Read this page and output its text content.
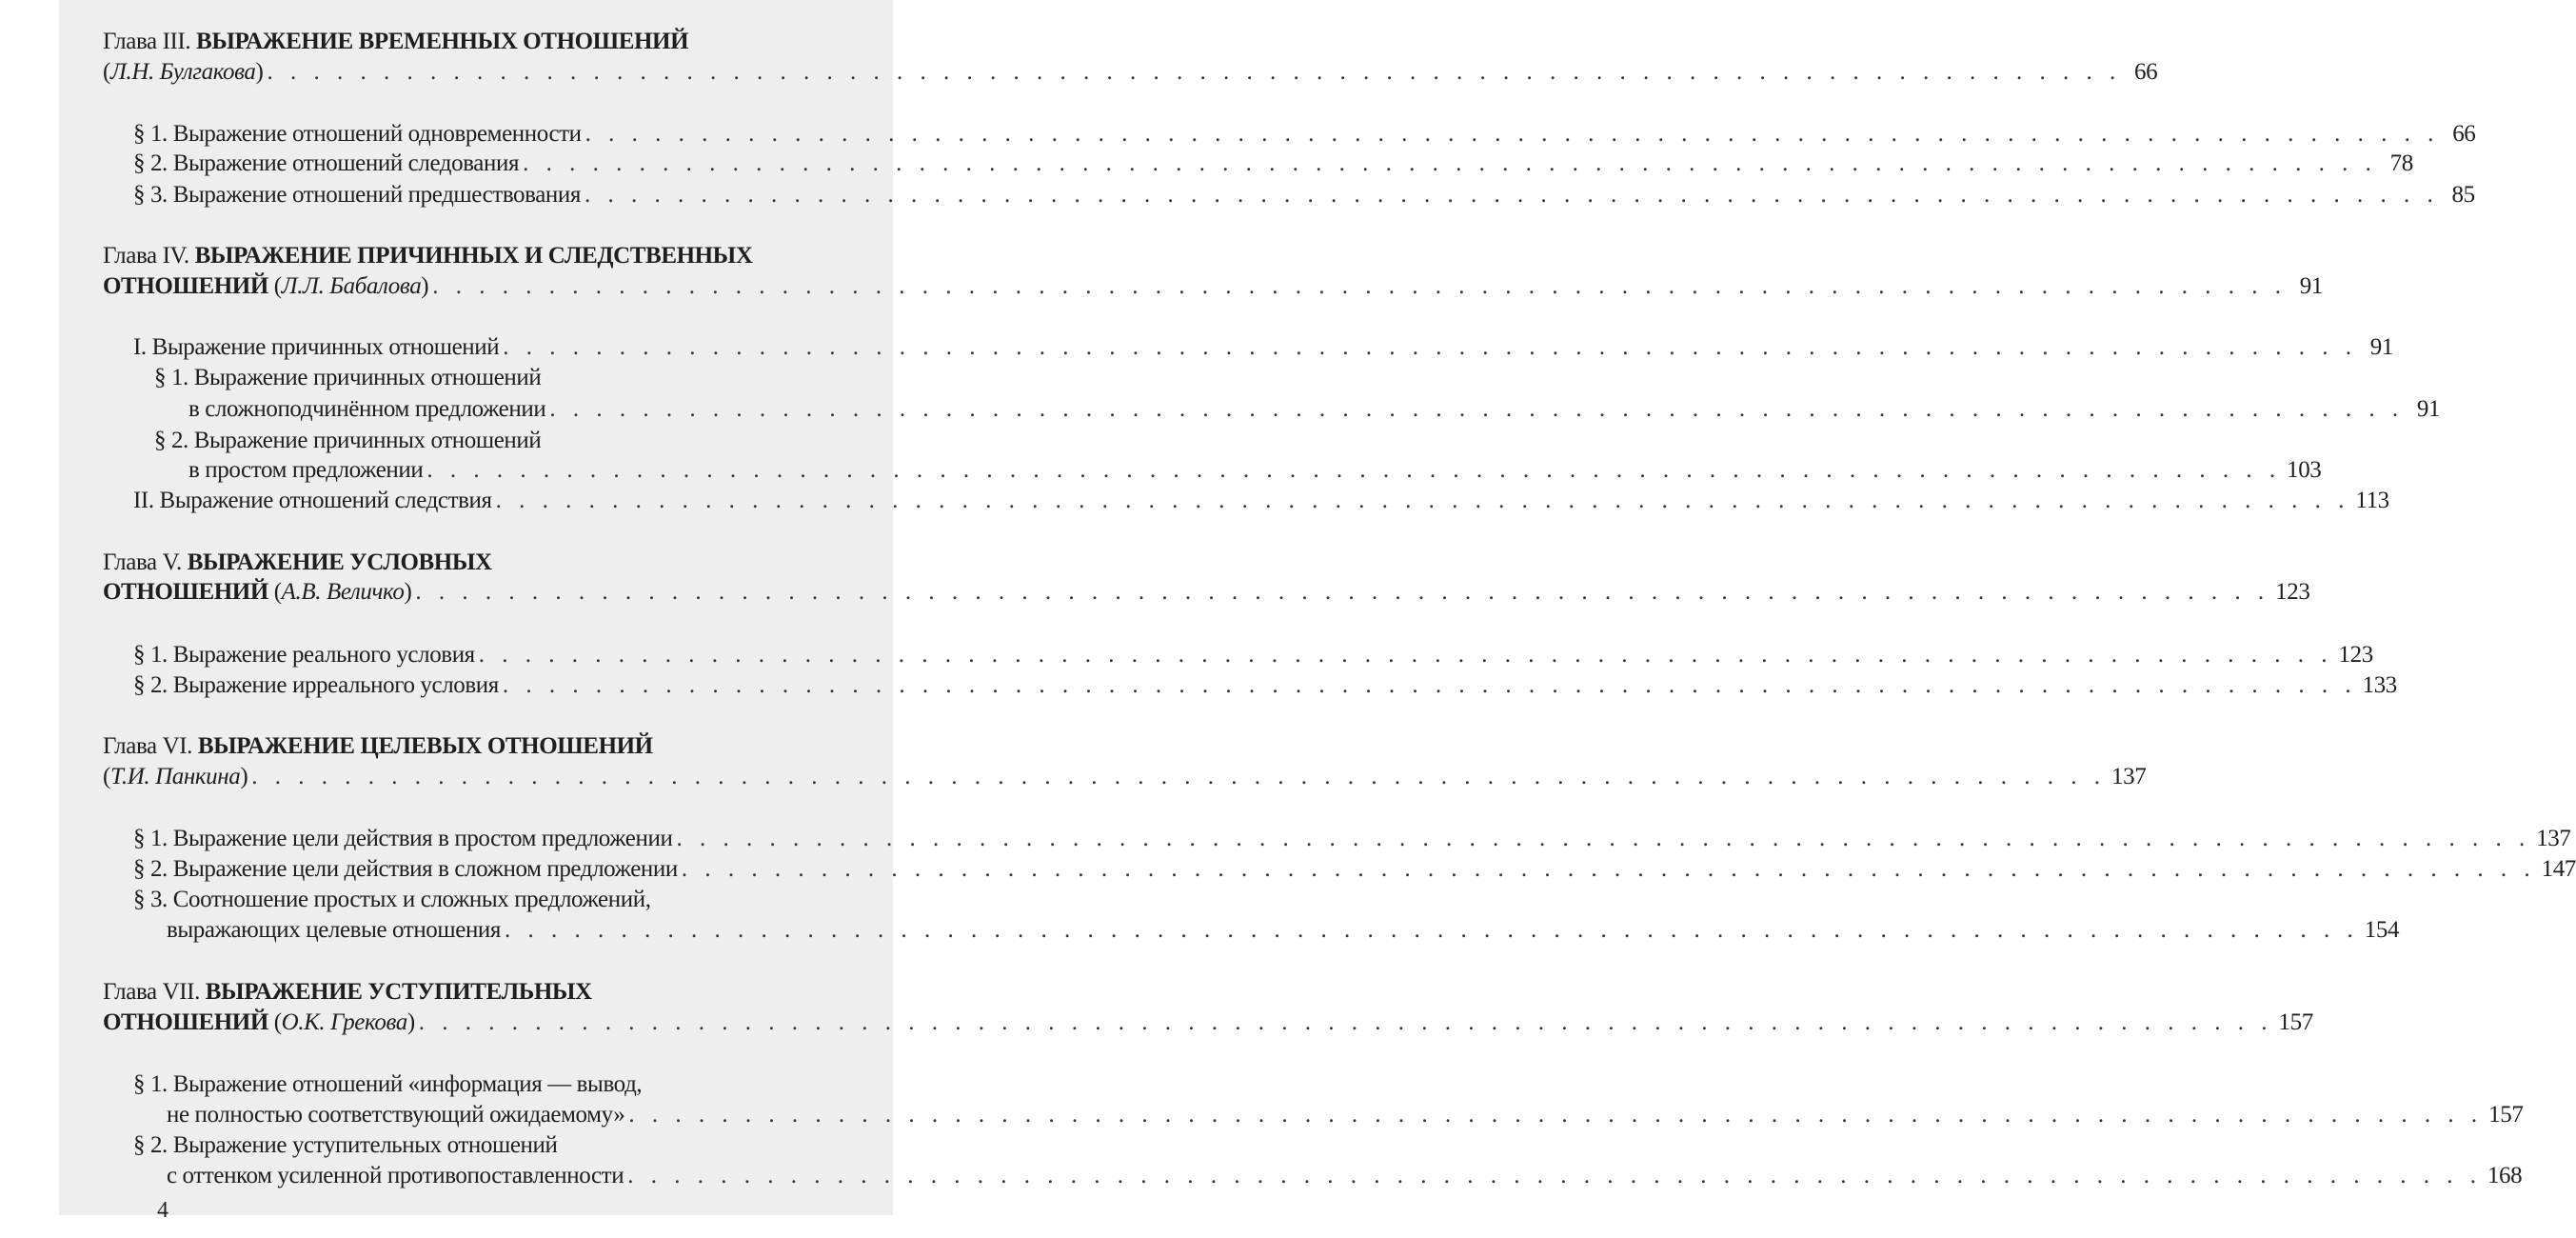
Глава III. ВЫРАЖЕНИЕ ВРЕМЕННЫХ ОТНОШЕНИЙ
(Л.Н. Булгакова) . . . . . . . . . . . . . . . . . . . . . . . . . . . . . . . . . . . . . . . . . . . . . . . . . . . . . . . . . . . . . . . . . . . . . . . . . . . . . . . . 66
§ 1. Выражение отношений одновременности . . . . . . . . . . . . . . . . . . . . . . . . . . . . . . . . . . . . . . . . . . . . . . . . . . . . . . . . . . . . . . . . . . . . . . . . . . . . . . . . 66
§ 2. Выражение отношений следования . . . . . . . . . . . . . . . . . . . . . . . . . . . . . . . . . . . . . . . . . . . . . . . . . . . . . . . . . . . . . . . . . . . . . . . . . . . . . . . . 78
§ 3. Выражение отношений предшествования . . . . . . . . . . . . . . . . . . . . . . . . . . . . . . . . . . . . . . . . . . . . . . . . . . . . . . . . . . . . . . . . . . . . . . . . . . . . . . . . 85
Глава IV. ВЫРАЖЕНИЕ ПРИЧИННЫХ И СЛЕДСТВЕННЫХ
ОТНОШЕНИЙ (Л.Л. Бабалова) . . . . . . . . . . . . . . . . . . . . . . . . . . . . . . . . . . . . . . . . . . . . . . . . . . . . . . . . . . . . . . . . . . . . . . . . . . . . . . . . 91
I. Выражение причинных отношений . . . . . . . . . . . . . . . . . . . . . . . . . . . . . . . . . . . . . . . . . . . . . . . . . . . . . . . . . . . . . . . . . . . . . . . . . . . . . . . . 91
§ 1. Выражение причинных отношений
в сложноподчинённом предложении . . . . . . . . . . . . . . . . . . . . . . . . . . . . . . . . . . . . . . . . . . . . . . . . . . . . . . . . . . . . . . . . . . . . . . . . . . . . . . . . 91
§ 2. Выражение причинных отношений
в простом предложении . . . . . . . . . . . . . . . . . . . . . . . . . . . . . . . . . . . . . . . . . . . . . . . . . . . . . . . . . . . . . . . . . . . . . . . . . . . . . . . . 103
II. Выражение отношений следствия . . . . . . . . . . . . . . . . . . . . . . . . . . . . . . . . . . . . . . . . . . . . . . . . . . . . . . . . . . . . . . . . . . . . . . . . . . . . . . . . 113
Глава V. ВЫРАЖЕНИЕ УСЛОВНЫХ
ОТНОШЕНИЙ (А.В. Величко) . . . . . . . . . . . . . . . . . . . . . . . . . . . . . . . . . . . . . . . . . . . . . . . . . . . . . . . . . . . . . . . . . . . . . . . . . . . . . . . . 123
§ 1. Выражение реального условия . . . . . . . . . . . . . . . . . . . . . . . . . . . . . . . . . . . . . . . . . . . . . . . . . . . . . . . . . . . . . . . . . . . . . . . . . . . . . . . . 123
§ 2. Выражение ирреального условия . . . . . . . . . . . . . . . . . . . . . . . . . . . . . . . . . . . . . . . . . . . . . . . . . . . . . . . . . . . . . . . . . . . . . . . . . . . . . . . . 133
Глава VI. ВЫРАЖЕНИЕ ЦЕЛЕВЫХ ОТНОШЕНИЙ
(Т.И. Панкина) . . . . . . . . . . . . . . . . . . . . . . . . . . . . . . . . . . . . . . . . . . . . . . . . . . . . . . . . . . . . . . . . . . . . . . . . . . . . . . . . 137
§ 1. Выражение цели действия в простом предложении . . . . . . . . . . . . . . . . . . . . . . . . . . . . . . . . . . . . . . . . . . . . . . . . . . . . . . . . . . . . . . . . . . . . . . . . . . . . . . . . 137
§ 2. Выражение цели действия в сложном предложении . . . . . . . . . . . . . . . . . . . . . . . . . . . . . . . . . . . . . . . . . . . . . . . . . . . . . . . . . . . . . . . . . . . . . . . . . . . . . . . . 147
§ 3. Соотношение простых и сложных предложений,
выражающих целевые отношения . . . . . . . . . . . . . . . . . . . . . . . . . . . . . . . . . . . . . . . . . . . . . . . . . . . . . . . . . . . . . . . . . . . . . . . . . . . . . . . . 154
Глава VII. ВЫРАЖЕНИЕ УСТУПИТЕЛЬНЫХ
ОТНОШЕНИЙ (О.К. Грекова) . . . . . . . . . . . . . . . . . . . . . . . . . . . . . . . . . . . . . . . . . . . . . . . . . . . . . . . . . . . . . . . . . . . . . . . . . . . . . . . . 157
§ 1. Выражение отношений «информация — вывод,
не полностью соответствующий ожидаемому» . . . . . . . . . . . . . . . . . . . . . . . . . . . . . . . . . . . . . . . . . . . . . . . . . . . . . . . . . . . . . . . . . . . . . . . . . . . . . . . . 157
§ 2. Выражение уступительных отношений
с оттенком усиленной противопоставленности . . . . . . . . . . . . . . . . . . . . . . . . . . . . . . . . . . . . . . . . . . . . . . . . . . . . . . . . . . . . . . . . . . . . . . . . . . . . . . . . 168
4
